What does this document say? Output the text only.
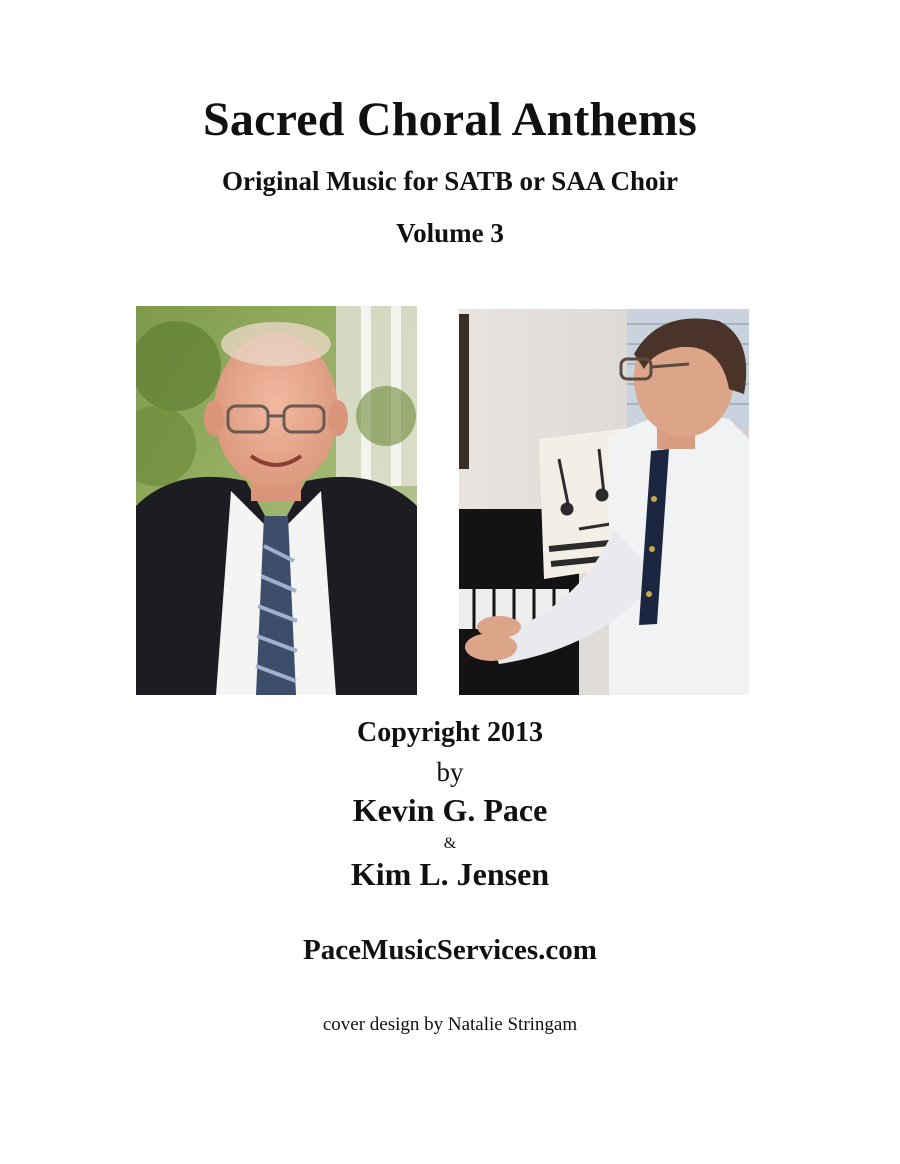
Sacred Choral Anthems
Original Music for SATB or SAA Choir
Volume 3
Copyright 2013
by
Kevin G. Pace
&
Kim L. Jensen
PaceMusicServices.com
cover design by Natalie Stringam
